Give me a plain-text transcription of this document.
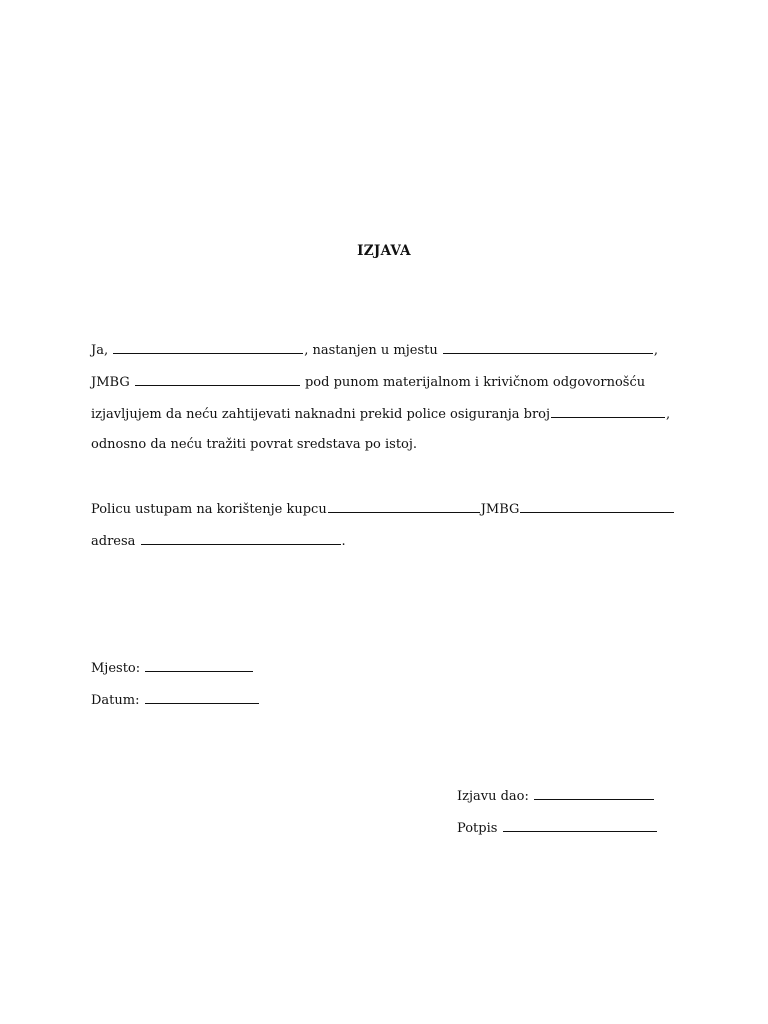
IZJAVA
Ja,	, nastanjen u mjestu	,
JMBG	pod punom materijalnom i krivičnom odgovornošću
izjavljujem da neću zahtijevati naknadni prekid police osiguranja broj	,
odnosno da neću tražiti povrat sredstava po istoj.
Policu ustupam na korištenje kupcu	JMBG
adresa	.
Mjesto:
Datum:
Izjavu dao:
Potpis
